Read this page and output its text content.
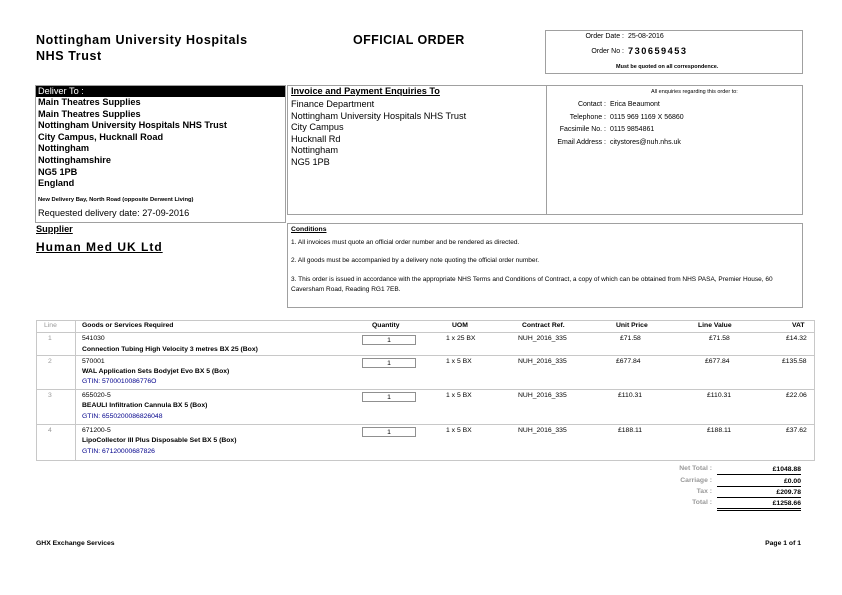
Nottingham University Hospitals
NHS Trust
OFFICIAL ORDER	Order Date : 25-08-2016
Order No : 730659453
Must be quoted on all correspondence.
Deliver To :
Main Theatres Supplies
Main Theatres Supplies
Nottingham University Hospitals NHS Trust
City Campus, Hucknall Road
Nottingham
Nottinghamshire
NG5 1PB
England
New Delivery Bay, North Road (opposite Derwent Living)
Requested delivery date: 27-09-2016
Invoice and Payment Enquiries To
Finance Department
Nottingham University Hospitals NHS Trust
City Campus
Hucknall Rd
Nottingham
NG5 1PB
All enquiries regarding this order to:
Contact : Erica Beaumont
Telephone : 0115 969 1169 X 56860
Facsimile No. : 0115 9854861
Email Address : citystores@nuh.nhs.uk
Supplier
Human Med UK Ltd
Conditions
1. All invoices must quote an official order number and be rendered as directed.
2. All goods must be accompanied by a delivery note quoting the official order number.
3. This order is issued in accordance with the appropriate NHS Terms and Conditions of Contract, a copy of which can be obtained from NHS PASA, Premier House, 60 Caversham Road, Reading RG1 7EB.
Line	Goods or Services Required	Quantity	UOM	Contract Ref.	Unit Price	Line Value	VAT
1	541030
Connection Tubing High Velocity 3 metres BX 25 (Box)
1	1 x 25 BX	NUH_2016_335	£71.58	£71.58	£14.32
2	570001
WAL Application Sets Bodyjet Evo BX 5 (Box)
GTIN: 5700010086776O
1	1 x 5 BX	NUH_2016_335	£677.84	£677.84	£135.58
3	655020-5
BEAULI Infiltration Cannula BX 5 (Box)
GTIN: 6550200086826048
1	1 x 5 BX	NUH_2016_335	£110.31	£110.31	£22.06
4	671200-5
LipoCollector III Plus Disposable Set BX 5 (Box)
GTIN: 67120000687826
1	1 x 5 BX	NUH_2016_335	£188.11	£188.11	£37.62
Net Total :	£1048.88
Carriage :	£0.00
Tax :	£209.78
Total :	£1258.66
GHX Exchange Services	Page 1 of 1
